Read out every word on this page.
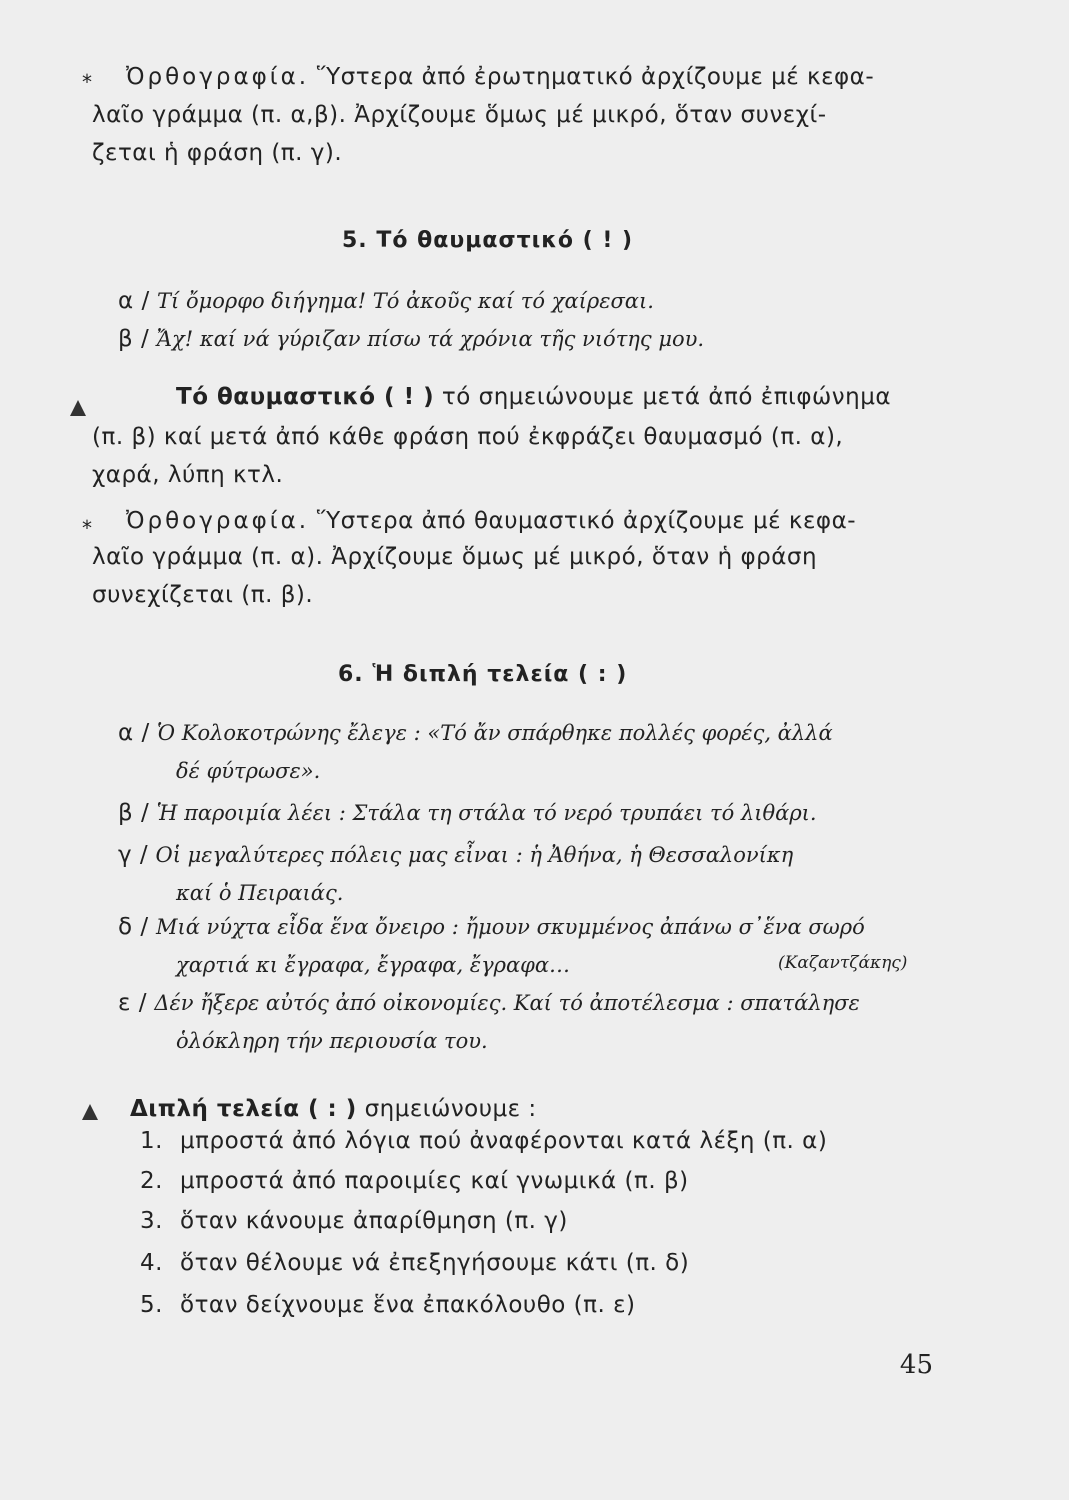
* Ὀρθογραφία. Ὕστερα ἀπό ἐρωτηματικό ἀρχίζουμε μέ κεφα-
λαῖο γράμμα (π. α,β). Ἀρχίζουμε ὅμως μέ μικρό, ὅταν συνεχί-
ζεται ἡ φράση (π. γ).
5. Τό θαυμαστικό ( ! )
α / Τί ὄμορφο διήγημα! Τό ἀκοῦς καί τό χαίρεσαι.
β / Ἄχ! καί νά γύριζαν πίσω τά χρόνια τῆς νιότης μου.
Τό θαυμαστικό ( ! ) τό σημειώνουμε μετά ἀπό ἐπιφώνημα
(π. β) καί μετά ἀπό κάθε φράση πού ἐκφράζει θαυμασμό (π. α),
χαρά, λύπη κτλ.
* Ὀρθογραφία. Ὕστερα ἀπό θαυμαστικό ἀρχίζουμε μέ κεφα-
λαῖο γράμμα (π. α). Ἀρχίζουμε ὅμως μέ μικρό, ὅταν ἡ φράση
συνεχίζεται (π. β).
6. Ἡ διπλή τελεία ( : )
α / Ὁ Κολοκοτρώνης ἔλεγε : «Τό ἄν σπάρθηκε πολλές φορές, ἀλλά
δέ φύτρωσε».
β / Ἡ παροιμία λέει : Στάλα τη στάλα τό νερό τρυπάει τό λιθάρι.
γ / Οἱ μεγαλύτερες πόλεις μας εἶναι : ἡ Ἀθήνα, ἡ Θεσσαλονίκη
καί ὁ Πειραιάς.
δ / Μιά νύχτα εἶδα ἕνα ὄνειρο : ἤμουν σκυμμένος ἀπάνω σ᾽ἕνα σωρό
χαρτιά κι ἔγραφα, ἔγραφα, ἔγραφα…	(Καζαντζάκης)
ε / Δέν ἤξερε αὐτός ἀπό οἰκονομίες. Καί τό ἀποτέλεσμα : σπατάλησε
ὁλόκληρη τήν περιουσία του.
Διπλή τελεία ( : ) σημειώνουμε :
1. μπροστά ἀπό λόγια πού ἀναφέρονται κατά λέξη (π. α)
2. μπροστά ἀπό παροιμίες καί γνωμικά (π. β)
3. ὅταν κάνουμε ἀπαρίθμηση (π. γ)
4. ὅταν θέλουμε νά ἐπεξηγήσουμε κάτι (π. δ)
5. ὅταν δείχνουμε ἕνα ἐπακόλουθο (π. ε)
45
